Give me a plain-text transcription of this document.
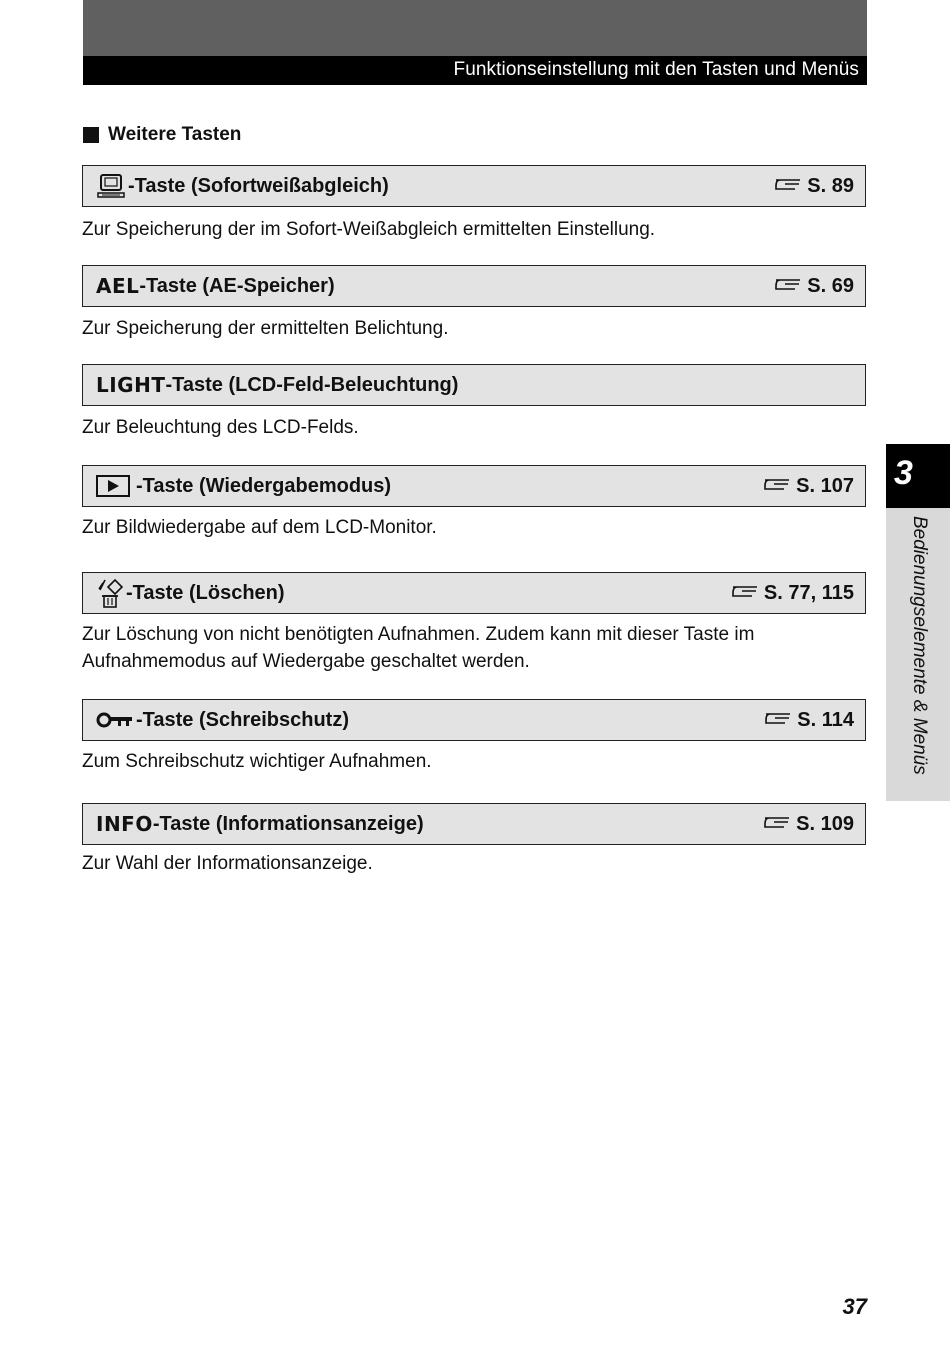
Funktionseinstellung mit den Tasten und Menüs
Weitere Tasten
-Taste (Sofortweißabgleich)	S. 89
Zur Speicherung der im Sofort-Weißabgleich ermittelten Einstellung.
AEL -Taste (AE-Speicher)	S. 69
Zur Speicherung der ermittelten Belichtung.
LIGHT -Taste (LCD-Feld-Beleuchtung)
Zur Beleuchtung des LCD-Felds.
-Taste (Wiedergabemodus)	S. 107
Zur Bildwiedergabe auf dem LCD-Monitor.
-Taste (Löschen)	S. 77, 115
Zur Löschung von nicht benötigten Aufnahmen. Zudem kann mit dieser Taste im Aufnahmemodus auf Wiedergabe geschaltet werden.
-Taste (Schreibschutz)	S. 114
Zum Schreibschutz wichtiger Aufnahmen.
INFO -Taste (Informationsanzeige)	S. 109
Zur Wahl der Informationsanzeige.
3
Bedienungselemente & Menüs
37
